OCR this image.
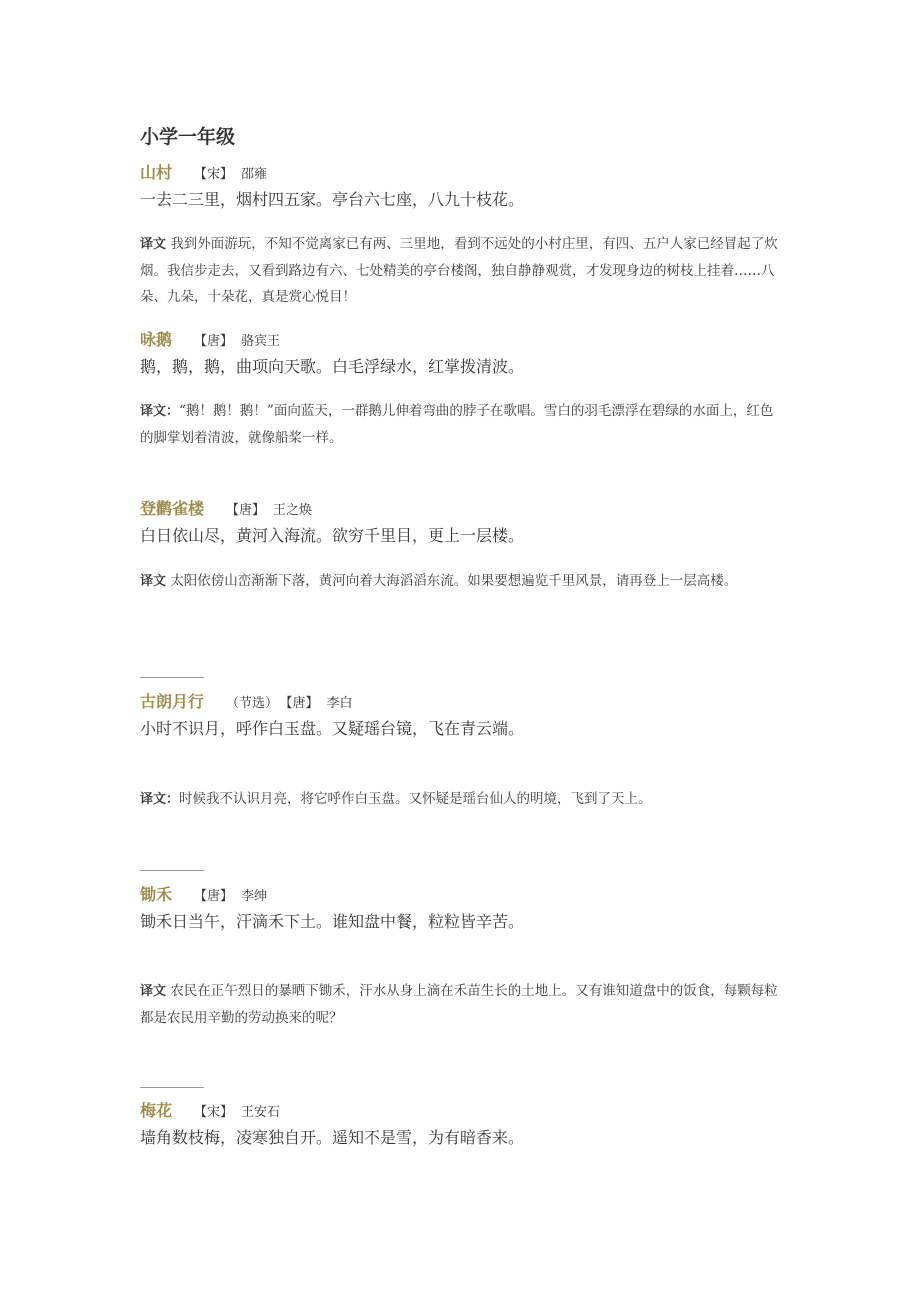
小学一年级
山村 【宋】 邵雍
一去二三里，烟村四五家。亭台六七座，八九十枝花。
译文 我到外面游玩，不知不觉离家已有两、三里地，看到不远处的小村庄里，有四、五户人家已经冒起了炊烟。我信步走去，又看到路边有六、七处精美的亭台楼阁，独自静静观赏，才发现身边的树枝上挂着……八朵、九朵，十朵花，真是赏心悦目！
咏鹅 【唐】 骆宾王
鹅，鹅，鹅，曲项向天歌。白毛浮绿水，红掌拨清波。
译文：“鹅！鹅！鹅！”面向蓝天，一群鹅儿伸着弯曲的脖子在歌唱。雪白的羽毛漂浮在碧绿的水面上，红色的脚掌划着清波，就像船桨一样。
登鹳雀楼 【唐】 王之焕
白日依山尽，黄河入海流。欲穷千里目，更上一层楼。
译文 太阳依傍山峦渐渐下落，黄河向着大海滔滔东流。如果要想遍览千里风景，请再登上一层高楼。
古朗月行 （节选） 【唐】 李白
小时不识月，呼作白玉盘。又疑瑶台镜，飞在青云端。
译文：时候我不认识月亮，将它呼作白玉盘。又怀疑是瑶台仙人的明境，飞到了天上。
锄禾 【唐】 李绅
锄禾日当午，汗滴禾下土。谁知盘中餐，粒粒皆辛苦。
译文 农民在正午烈日的暴晒下锄禾，汗水从身上滴在禾苗生长的土地上。又有谁知道盘中的饭食，每颗每粒都是农民用辛勤的劳动换来的呢？
梅花 【宋】 王安石
墙角数枝梅，凌寒独自开。遥知不是雪，为有暗香来。
